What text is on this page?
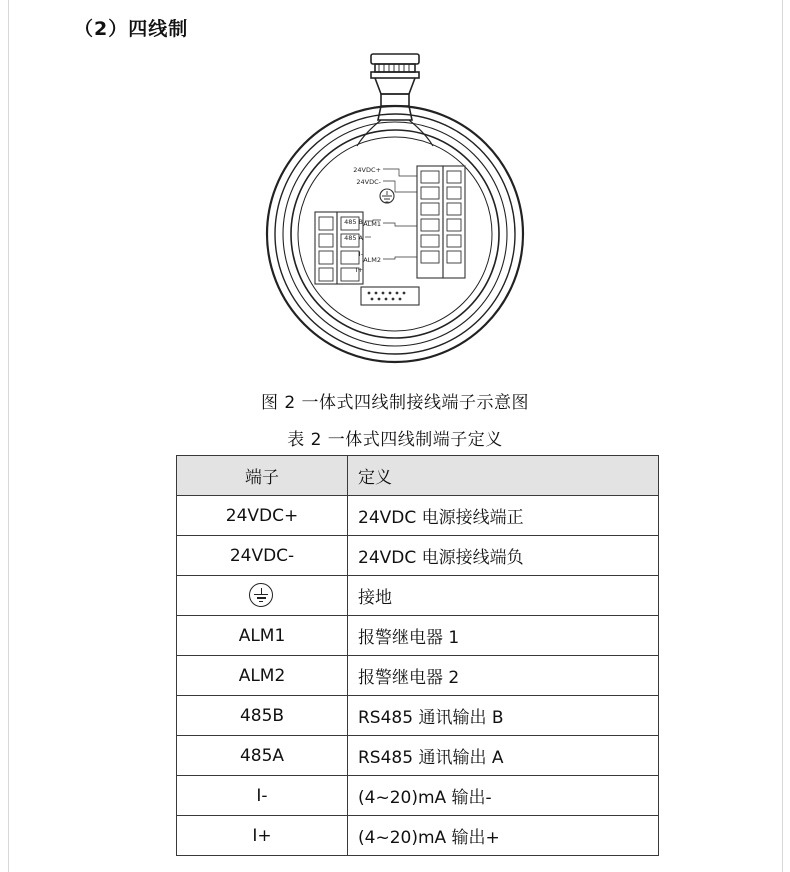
（2）四线制
485 B
485 A
I-
I+
24VDC+
24VDC-
ALM1
ALM2
图 2 一体式四线制接线端子示意图
表 2 一体式四线制端子定义
端子	定义
24VDC+	24VDC 电源接线端正
24VDC-	24VDC 电源接线端负

	接地
ALM1	报警继电器 1
ALM2	报警继电器 2
485B	RS485 通讯输出 B
485A	RS485 通讯输出 A
I-	(4~20)mA 输出-
I+	(4~20)mA 输出+
